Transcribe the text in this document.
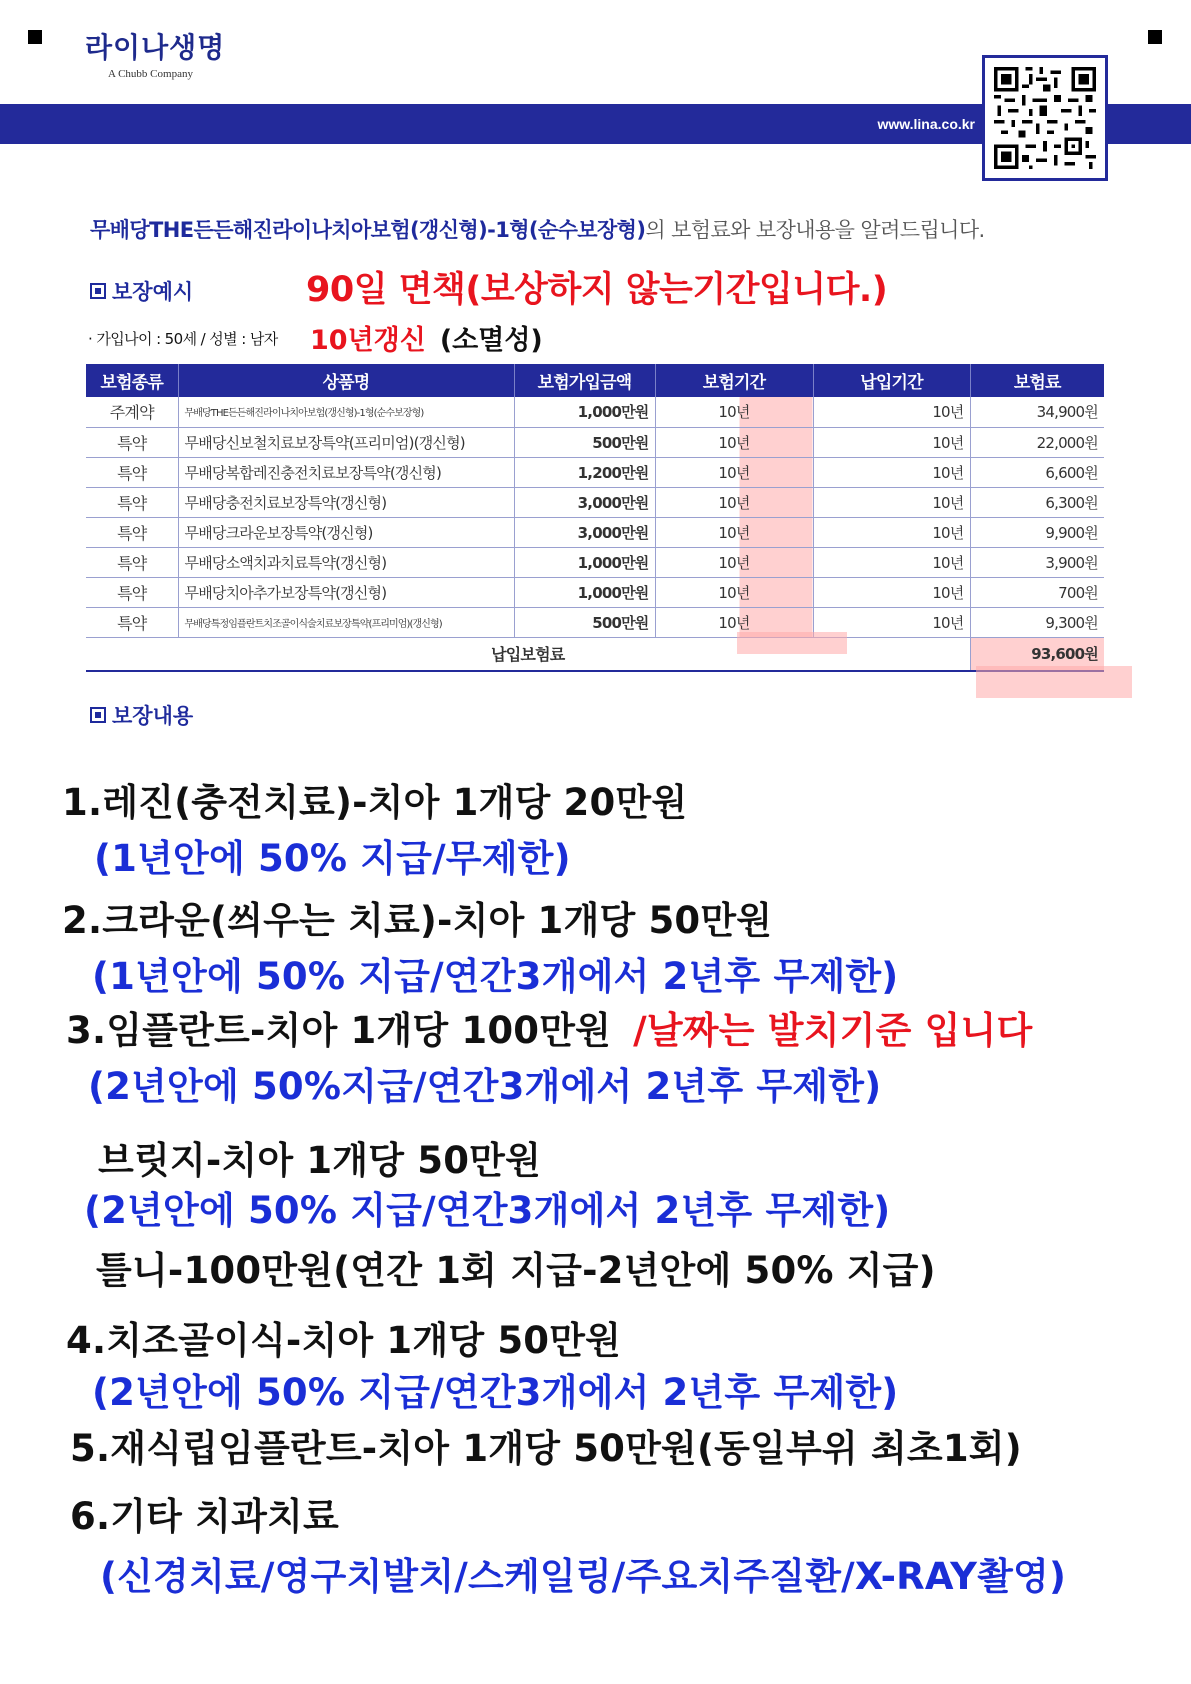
라이나생명
A Chubb Company
www.lina.co.kr
무배당THE든든해진라이나치아보험(갱신형)-1형(순수보장형)의 보험료와 보장내용을 알려드립니다.
보장예시	90일 면책(보상하지 않는기간입니다.)
· 가입나이 : 50세 / 성별 : 남자 10년갱신 (소멸성)
보험종류	상품명	보험가입금액	보험기간	납입기간	보험료
주계약	무배당THE든든해진라이나치아보험(갱신형)-1형(순수보장형)	1,000만원	10년	10년	34,900원
특약	무배당신보철치료보장특약(프리미엄)(갱신형)	500만원	10년	10년	22,000원
특약	무배당복합레진충전치료보장특약(갱신형)	1,200만원	10년	10년	6,600원
특약	무배당충전치료보장특약(갱신형)	3,000만원	10년	10년	6,300원
특약	무배당크라운보장특약(갱신형)	3,000만원	10년	10년	9,900원
특약	무배당소액치과치료특약(갱신형)	1,000만원	10년	10년	3,900원
특약	무배당치아추가보장특약(갱신형)	1,000만원	10년	10년	700원
특약	무배당특정임플란트치조골이식술치료보장특약(프리미엄)(갱신형)	500만원	10년	10년	9,300원
납입보험료					93,600원
보장내용
1.레진(충전치료)-치아 1개당 20만원
(1년안에 50% 지급/무제한)
2.크라운(씌우는 치료)-치아 1개당 50만원
(1년안에 50% 지급/연간3개에서 2년후 무제한)
3.임플란트-치아 1개당 100만원 /날짜는 발치기준 입니다
(2년안에 50%지급/연간3개에서 2년후 무제한)
브릿지-치아 1개당 50만원
(2년안에 50% 지급/연간3개에서 2년후 무제한)
틀니-100만원(연간 1회 지급-2년안에 50% 지급)
4.치조골이식-치아 1개당 50만원
(2년안에 50% 지급/연간3개에서 2년후 무제한)
5.재식립임플란트-치아 1개당 50만원(동일부위 최초1회)
6.기타 치과치료
(신경치료/영구치발치/스케일링/주요치주질환/X-RAY촬영)
